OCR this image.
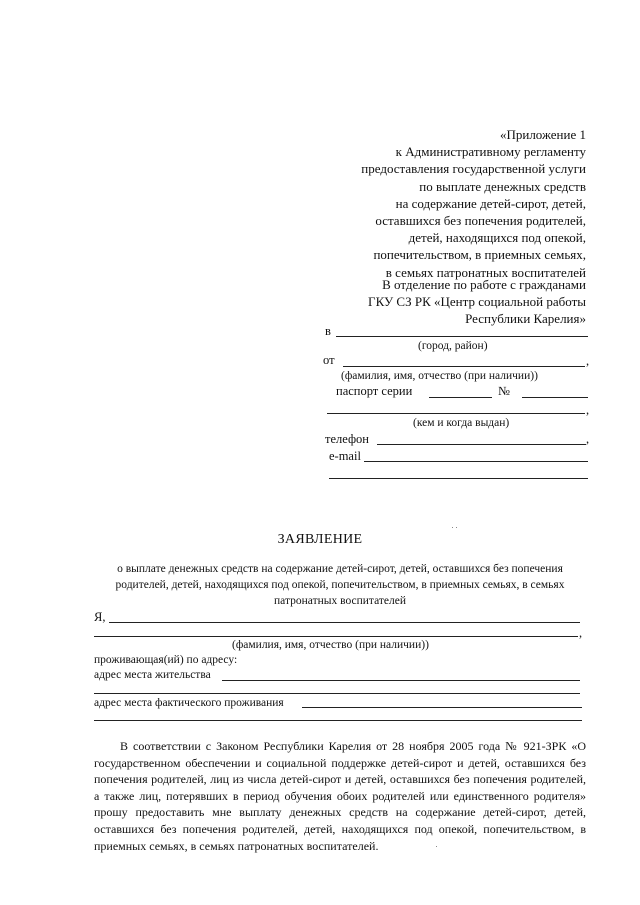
«Приложение 1
к Административному регламенту
предоставления государственной услуги
по выплате денежных средств
на содержание детей-сирот, детей,
оставшихся без попечения родителей,
детей, находящихся под опекой,
попечительством, в приемных семьях,
в семьях патронатных воспитателей
В отделение по работе с гражданами
ГКУ СЗ РК «Центр социальной работы
Республики Карелия»
в
(город, район)
от	,
(фамилия, имя, отчество (при наличии))
паспорт серии	№
,
(кем и когда выдан)
телефон	,
e-mail
ЗАЯВЛЕНИЕ
о выплате денежных средств на содержание детей-сирот, детей, оставшихся без попечения родителей, детей, находящихся под опекой, попечительством, в приемных семьях, в семьях патронатных воспитателей
Я,
,
(фамилия, имя, отчество (при наличии))
проживающая(ий) по адресу:
адрес места жительства
адрес места фактического проживания
В соответствии с Законом Республики Карелия от 28 ноября 2005 года № 921-ЗРК «О государственном обеспечении и социальной поддержке детей-сирот и детей, оставшихся без попечения родителей, лиц из числа детей-сирот и детей, оставшихся без попечения родителей, а также лиц, потерявших в период обучения обоих родителей или единственного родителя» прошу предоставить мне выплату денежных средств на содержание детей-сирот, детей, оставшихся без попечения родителей, детей, находящихся под опекой, попечительством, в приемных семьях, в семьях патронатных воспитателей.
